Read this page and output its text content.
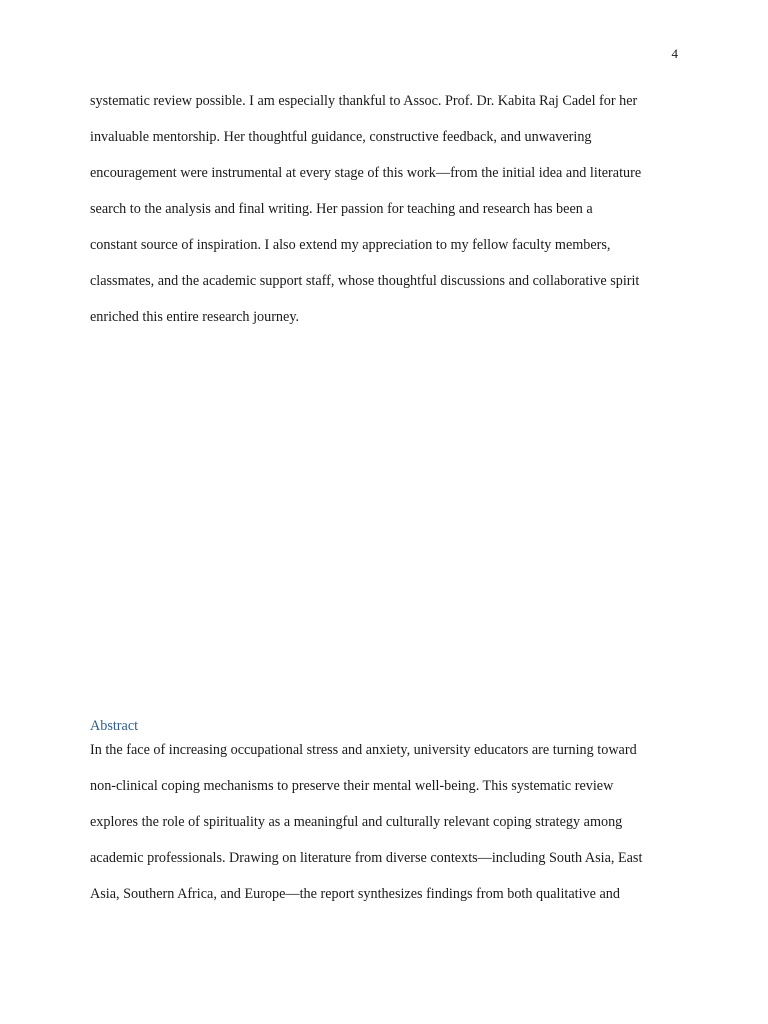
4
systematic review possible. I am especially thankful to Assoc. Prof. Dr. Kabita Raj Cadel for her
invaluable mentorship. Her thoughtful guidance, constructive feedback, and unwavering
encouragement were instrumental at every stage of this work—from the initial idea and literature
search to the analysis and final writing. Her passion for teaching and research has been a
constant source of inspiration. I also extend my appreciation to my fellow faculty members,
classmates, and the academic support staff, whose thoughtful discussions and collaborative spirit
enriched this entire research journey.
Abstract
In the face of increasing occupational stress and anxiety, university educators are turning toward
non-clinical coping mechanisms to preserve their mental well-being. This systematic review
explores the role of spirituality as a meaningful and culturally relevant coping strategy among
academic professionals. Drawing on literature from diverse contexts—including South Asia, East
Asia, Southern Africa, and Europe—the report synthesizes findings from both qualitative and
